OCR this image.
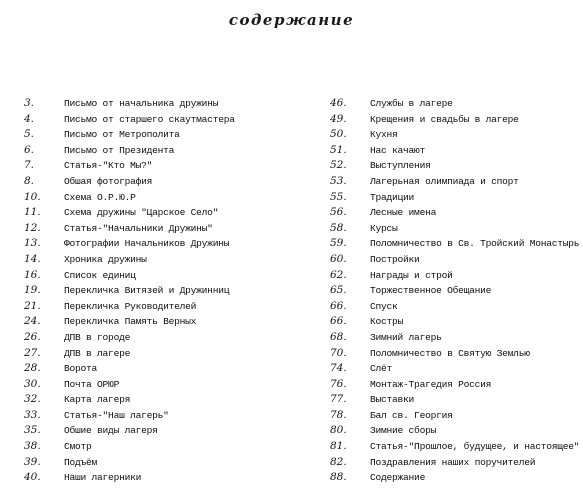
содержание
3.	Письмо от начальника дружины
4.	Письмо от старшего скаутмастера
5.	Письмо от Метрополита
6.	Письмо от Президента
7.	Статья-"Кто Мы?"
8.	Обшая фотография
10. Схема О.Р.Ю.Р
11. Схема дружины "Царское Село"
12. Статья-"Начальники Дружины"
13. Фотографии Начальников Дружины
14. Хроника дружины
16. Список единиц
19. Перекличка Витязей и Дружинниц
21. Перекличка Руководителей
24. Перекличка Память Верных
26. ДПВ в городе
27. ДПВ в лагере
28. Ворота
30. Почта ОРЮР
32. Карта лагеря
33. Статья-"Наш лагерь"
35. Обшие виды лагеря
38. Смотр
39. Подъём
40. Наши лагерники
46. Службы в лагере
49. Крещения и свадьбы в лагере
50. Кухня
51. Нас качают
52. Выступления
53. Лагерьная олимпиада и спорт
55. Традиции
56. Лесные имена
58. Курсы
59. Поломничество в Св. Тройский Монастырь
60. Постройки
62. Награды и строй
65. Торжественное Обещание
66. Спуск
66. Костры
68. Зимний лагерь
70. Поломничество в Святую Землью
74. Слёт
76. Монтаж-Трагедия Россия
77. Выставки
78. Бал св. Георгия
80. Зимние сборы
81. Статья-"Прошлое, будущее, и настоящее"
82. Поздравления наших поручителей
88. Содержание
